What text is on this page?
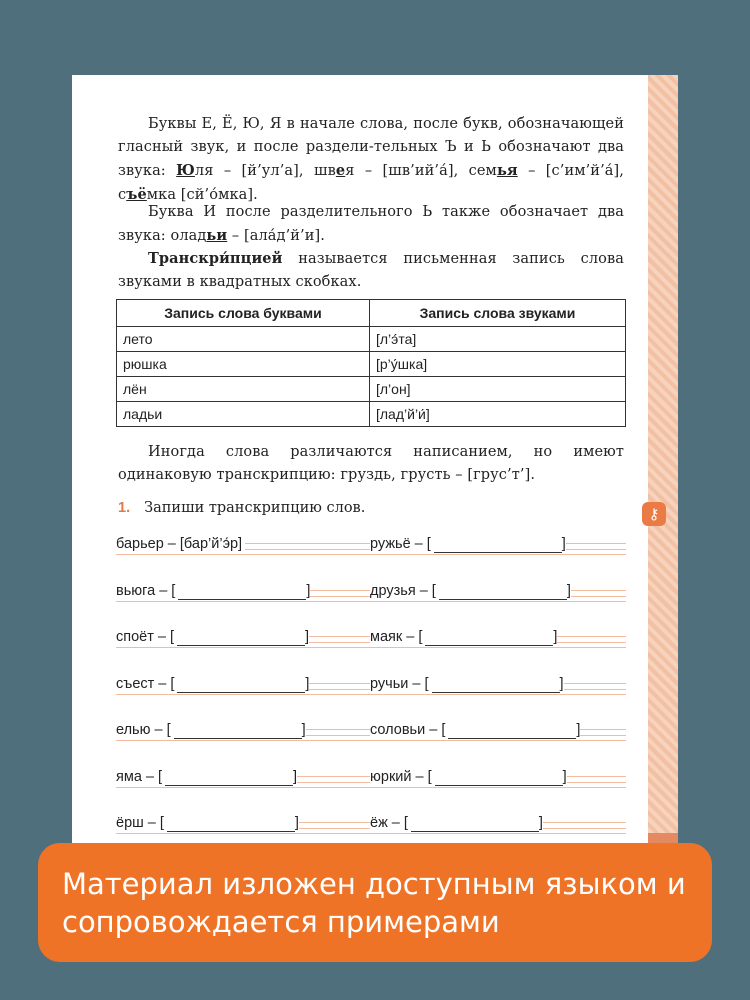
Буквы Е, Ё, Ю, Я в начале слова, после букв, обозначающей гласный звук, и после раздели-тельных Ъ и Ь обозначают два звука: Юля – [й’ул’а], швея – [шв’ий’а́], семья – [с’им’й’а́], съёмка [сй’о́мка].

Буква И после разделительного Ь также обозначает два звука: оладьи – [ала́д’й’и].

Транскри́пцией называется письменная запись слова звуками в квадратных скобках.

Запись слова буквами	Запись слова звуками
лето	[л’э́та]
рюшка	[р’у́шка]
лён	[л’он]
ладьи	[лад’й’и́]

Иногда слова различаются написанием, но имеют одинаковую транскрипцию: груздь, грусть – [грус’т’].

1. Запиши транскрипцию слов.	⚷
барьер – [бар’й’э́р]	ружьё – [	]
вьюга – [	]	друзья – [	]
споёт – [	]	маяк – [	]
съест – [	]	ручьи – [	]
елью – [	]	соловьи – [	]
яма – [	]	юркий – [	]
ёрш – [	]	ёж – [	]
Материал изложен доступным языком и сопровождается примерами
